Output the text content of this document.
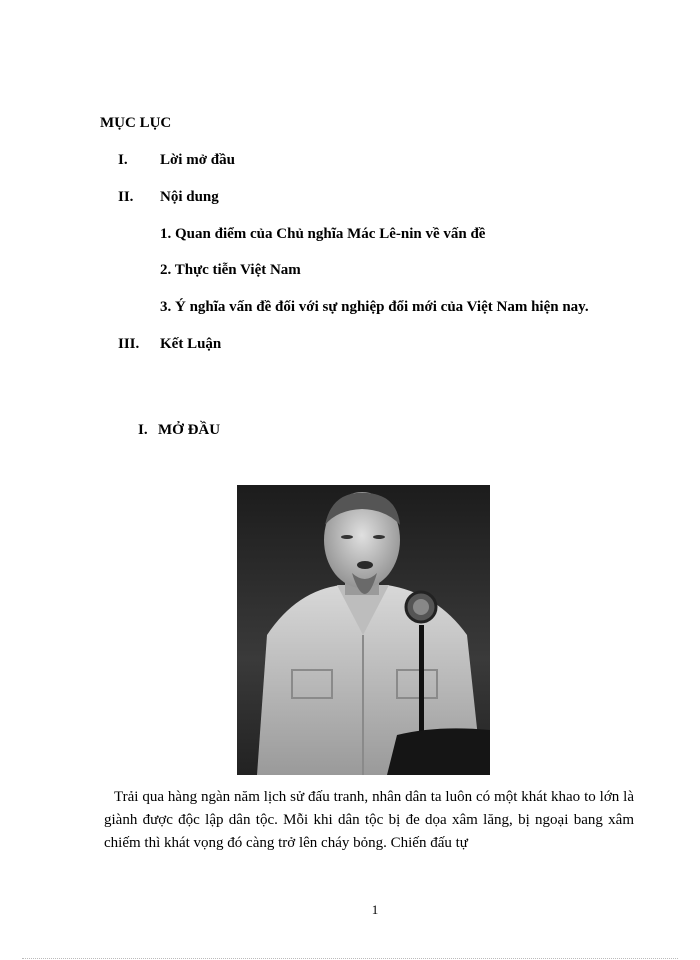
MỤC LỤC
I. Lời mở đầu
II. Nội dung
1. Quan điểm của Chủ nghĩa Mác Lê-nin về vấn đề
2. Thực tiễn Việt Nam
3. Ý nghĩa vấn đề đối với sự nghiệp đổi mới của Việt Nam hiện nay.
III. Kết Luận
I. MỞ ĐẦU
Trải qua hàng ngàn năm lịch sử đấu tranh, nhân dân ta luôn có một khát khao to lớn là giành được độc lập dân tộc. Mỗi khi dân tộc bị đe dọa xâm lăng, bị ngoại bang xâm chiếm thì khát vọng đó càng trở lên cháy bỏng. Chiến đấu tự
1
